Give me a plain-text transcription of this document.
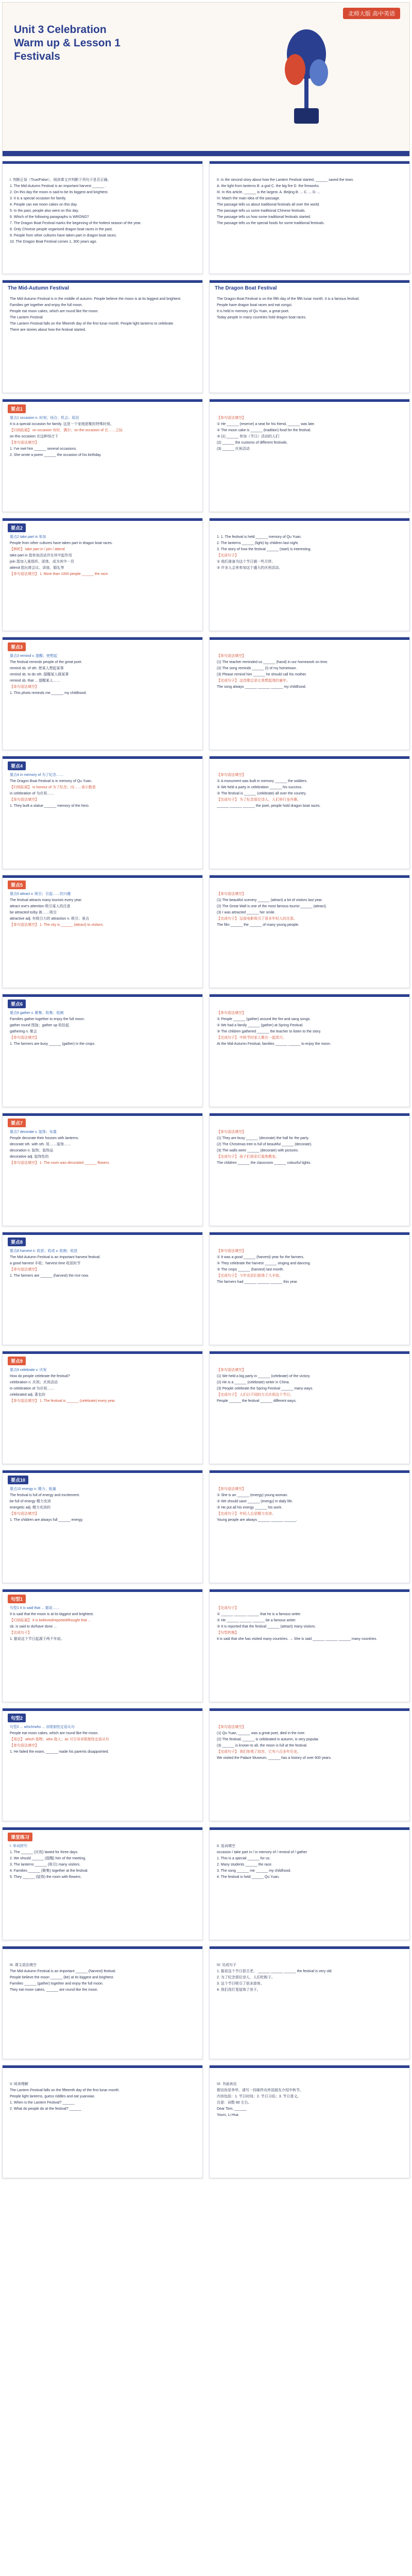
北师大版 高中英语
Unit 3 Celebration
Warm up & Lesson 1
Festivals
I. 判断正误（True/False），阅读课文并判断下列句子是否正确。
1. The Mid-Autumn Festival is an important harvest ______ .
2. On this day the moon is said to be its biggest and brightest.
3. It is a special occasion for family.
4. People can eat moon cakes on this day.
5. In the past, people also went on this day.
6. Which of the following paragraphs is WRONG?
7. The Dragon Boat Festival marks the beginning of the hottest season of the year.
8. Only Chinese people organised dragon boat races in the past.
9. People from other cultures have taken part in dragon boat races.
10. The Dragon Boat Festival comes 1, 300 years ago.
II. In the second story about how the Lantern Festival started, ______ saved the town.
A. the light from lanterns B. a god C. the big fire D. the fireworks
III. In this article, ______ is the largest. A. Beijing B. ... C. ... D. ...
IV. Match the main idea of the passage.
The passage tells us about traditional festivals all over the world.
The passage tells us some traditional Chinese festivals.
The passage tells us how some traditional festivals started.
The passage tells us the special foods for some traditional festivals.
The Mid-Autumn Festival
The Mid-Autumn Festival is in the middle of autumn. People believe the moon is at its biggest and brightest.
Families get together and enjoy the full moon.
People eat moon cakes, which are round like the moon.
The Lantern Festival
The Lantern Festival falls on the fifteenth day of the first lunar month. People light lanterns to celebrate.
There are stories about how the festival started.
The Dragon Boat Festival
The Dragon Boat Festival is on the fifth day of the fifth lunar month. It is a famous festival.
People have dragon boat races and eat zongzi.
It is held in memory of Qu Yuan, a great poet.
Today people in many countries hold dragon boat races.
要点1
要点1 occasion n. 时刻；场合；机会；原因
It is a special occasion for family. 这是一个家庭团聚的特殊时刻。
【归纳拓展】 on occasion 有时，偶尔；on the occasion of 在……之际
on this occasion 在这种场合下
【单句语法填空】
1. I've met him ______ several occasions.
2. She wrote a poem ______ the occasion of his birthday.
【单句语法填空】
① He ______ (reserve) a seat for his friend, ______ was late.
② The moon cake is ______ (tradition) food for the festival.
③ (1) ______ 参加（节日）活动的人们
(2) ______ the customs of different festivals.
(3) ______ 庆祝活动
要点2
要点2 take part in 参加
People from other cultures have taken part in dragon boat races.
【辨析】 take part in / join / attend
take part in 指参加活动并在其中起作用
join 指加入某组织、团体，成为其中一员
attend 指出席会议、讲座、婚礼等
【单句语法填空】 1. More than 1000 people ______ the race.
1. 1. The festival is held ______ memory of Qu Yuan.
2. The lanterns ______ (light) by children last night.
3. The story of how the festival ______ (start) is interesting.
【完成句子】
① 他们准备为这个节日做一些月饼。
② 许多人会来参加这个盛大的庆祝活动。
要点3
要点3 remind v. 提醒；使想起
The festival reminds people of the great poet.
remind sb. of sth. 使某人想起某事
remind sb. to do sth. 提醒某人做某事
remind sb. that ... 提醒某人……
【单句语法填空】
1. This photo reminds me ______ my childhood.
【单句语法填空】
(1) The teacher reminded us ______ (hand) in our homework on time.
(2) The song reminds ______ (I) of my hometown.
(3) Please remind him ______ he should call his mother.
【完成句子】 这首歌总是让我想起我的童年。
The song always ______ ______ ______ my childhood.
要点4
要点4 in memory of 为了纪念……
The Dragon Boat Festival is in memory of Qu Yuan.
【归纳拓展】 in honour of 为了纪念；向……表示敬意
in celebration of 为庆祝……
【单句语法填空】
1. They built a statue ______ memory of the hero.
【单句语法填空】
① A monument was built in memory ______ the soldiers.
② We held a party in celebration ______ his success.
③ The festival is ______ (celebrate) all over the country.
【完成句子】 为了纪念那位诗人，人们举行龙舟赛。
______ ______ ______ the poet, people hold dragon boat races.
要点5
要点5 attract v. 吸引；引起……的兴趣
The festival attracts many tourists every year.
attract one's attention 吸引某人的注意
be attracted to/by 被……吸引
attractive adj. 有吸引力的 attraction n. 吸引；景点
【单句语法填空】 1. The city is ______ (attract) to visitors.
【单句语法填空】
(1) The beautiful scenery ______ (attract) a lot of visitors last year.
(2) The Great Wall is one of the most famous tourist ______ (attract).
(3) I was attracted ______ her smile.
【完成句子】 这部电影吸引了很多年轻人的注意。
The film ______ the ______ of many young people.
要点6
要点6 gather v. 聚集；收集；收割
Families gather together to enjoy the full moon.
gather round 围拢；gather up 收拾起
gathering n. 聚会
【单句语法填空】
1. The farmers are busy ______ (gather) in the crops.
【单句语法填空】
① People ______ (gather) around the fire and sang songs.
② We had a family ______ (gather) at Spring Festival.
③ The children gathered ______ the teacher to listen to the story.
【完成句子】 中秋节时家人聚在一起赏月。
At the Mid-Autumn Festival, families ______ ______ to enjoy the moon.
要点7
要点7 decorate v. 装饰；布置
People decorate their houses with lanterns.
decorate sth. with sth. 用……装饰……
decoration n. 装饰；装饰品
decorative adj. 装饰性的
【单句语法填空】 1. The room was decorated ______ flowers.
【单句语法填空】
(1) They are busy ______ (decorate) the hall for the party.
(2) The Christmas tree is full of beautiful ______ (decorate).
(3) The walls were ______ (decorate) with pictures.
【完成句子】 孩子们用彩灯装饰教室。
The children ______ the classroom ______ colourful lights.
要点8
要点8 harvest n. 收获；收成 v. 收割；收获
The Mid-Autumn Festival is an important harvest festival.
a good harvest 丰收；harvest time 收获时节
【单句语法填空】
1. The farmers are ______ (harvest) the rice now.
【单句语法填空】
① It was a good ______ (harvest) year for the farmers.
② They celebrate the harvest ______ singing and dancing.
③ The crops ______ (harvest) last month.
【完成句子】 今年农民们获得了大丰收。
The farmers had ______ ______ ______ this year.
要点9
要点9 celebrate v. 庆祝
How do people celebrate the festival?
celebration n. 庆祝；庆祝活动
in celebration of 为庆祝……
celebrated adj. 著名的
【单句语法填空】 1. The festival is ______ (celebrate) every year.
【单句语法填空】
(1) We held a big party in ______ (celebrate) of the victory.
(2) He is a ______ (celebrate) writer in China.
(3) People celebrate the Spring Festival ______ many ways.
【完成句子】 人们以不同的方式庆祝这个节日。
People ______ the festival ______ different ways.
要点10
要点10 energy n. 精力；能量
The festival is full of energy and excitement.
be full of energy 精力充沛
energetic adj. 精力充沛的
【单句语法填空】
1. The children are always full ______ energy.
【单句语法填空】
① She is an ______ (energy) young woman.
② We should save ______ (energy) in daily life.
③ He put all his energy ______ his work.
【完成句子】 年轻人总是精力充沛。
Young people are always ______ ______ ______.
句型1
句型1 It is said that ... 据说……
It is said that the moon is at its biggest and brightest.
【归纳拓展】 It is believed/reported/thought that ...
sb. is said to do/have done ...
【完成句子】
1. 据说这个节日起源于两千年前。
【完成句子】
① ______ ______ ______ that he is a famous writer.
② He ______ ______ ______ be a famous writer.
③ It is reported that the festival ______ (attract) many visitors.
【句型转换】
It is said that she has visited many countries. → She is said ______ ______ ______ many countries.
句型2
句型2 ... which/who ... 非限制性定语从句
People eat moon cakes, which are round like the moon.
【用法】 which 指物；who 指人；as 可引导非限制性定语从句
【单句语法填空】
1. He failed the exam, ______ made his parents disappointed.
【单句语法填空】
(1) Qu Yuan, ______ was a great poet, died in the river.
(2) The festival, ______ is celebrated in autumn, is very popular.
(3) ______ is known to all, the moon is full at the festival.
【完成句子】 我们参观了故宫，它有六百多年历史。
We visited the Palace Museum, ______ has a history of over 600 years.
课堂练习
I. 单词拼写
1. The ______ (庆祝) lasted for three days.
2. We should ______ (提醒) him of the meeting.
3. The lanterns ______ (吸引) many visitors.
4. Families ______ (聚集) together at the festival.
5. They ______ (装饰) the room with flowers.
II. 选词填空
occasion / take part in / in memory of / remind of / gather
1. This is a special ______ for us.
2. Many students ______ the race.
3. The song ______ me ______ my childhood.
4. The festival is held ______ Qu Yuan.
III. 课文语法填空
The Mid-Autumn Festival is an important ______ (harvest) festival.
People believe the moon ______ (be) at its biggest and brightest.
Families ______ (gather) together and enjoy the full moon.
They eat moon cakes, ______ are round like the moon.
IV. 完成句子
1. 据说这个节日很古老。 ______ ______ ______ the festival is very old.
2. 为了纪念那位诗人，人们吃粽子。
3. 这个节日吸引了很多游客。
4. 我们用灯笼装饰了房子。
V. 阅读理解
The Lantern Festival falls on the fifteenth day of the first lunar month.
People light lanterns, guess riddles and eat yuanxiao.
1. When is the Lantern Festival? ______
2. What do people do at the festival? ______
VI. 书面表达
假设你是李华，请写一封邮件向外国朋友介绍中秋节。
内容包括：1. 节日时间；2. 节日习俗；3. 节日意义。
注意：词数 80 左右。
Dear Tom, ______
Yours, Li Hua
